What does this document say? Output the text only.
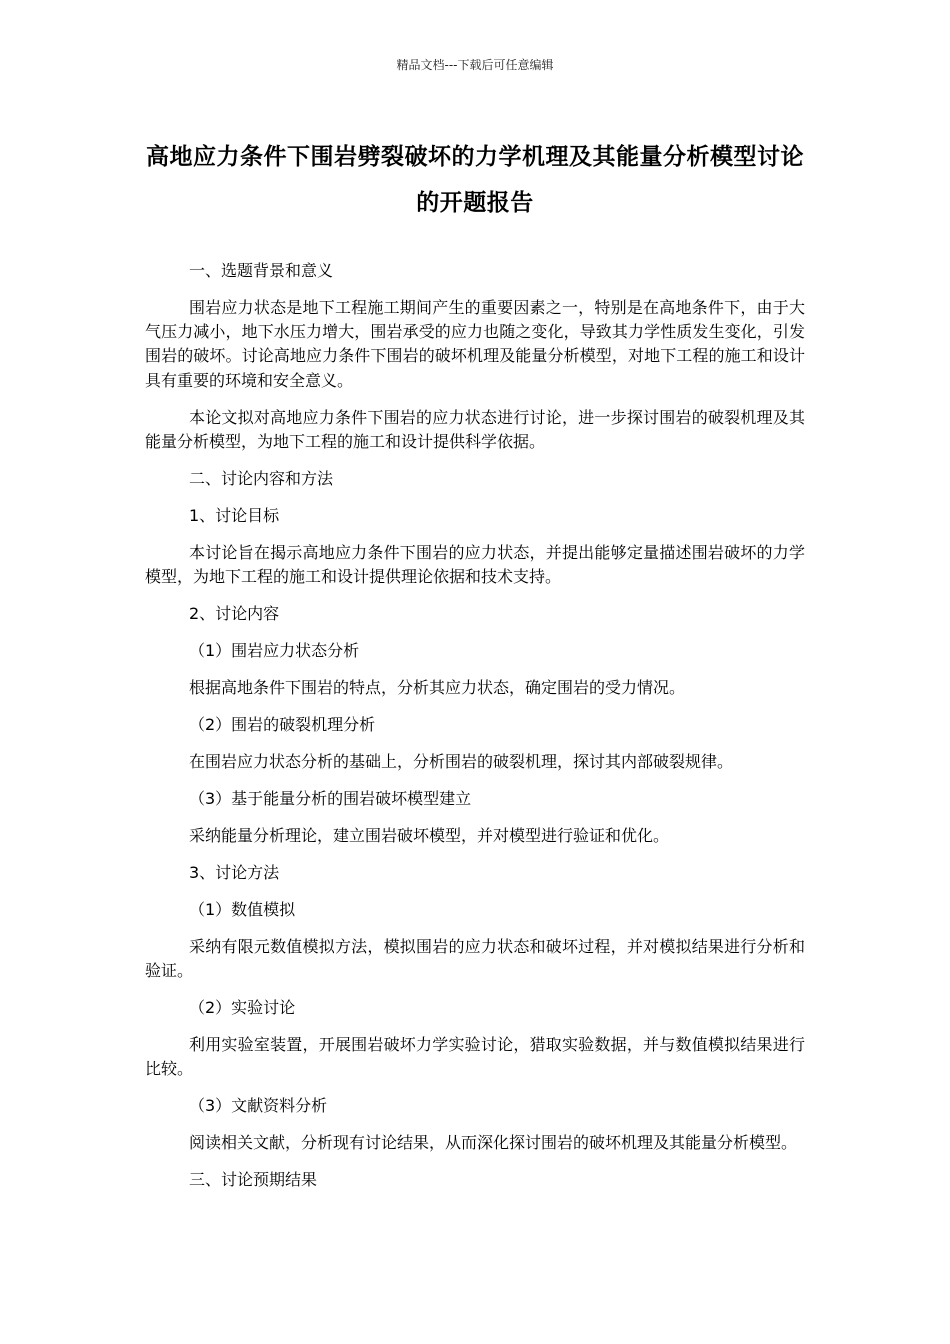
精品文档---下载后可任意编辑
高地应力条件下围岩劈裂破坏的力学机理及其能量分析模型讨论的开题报告

一、选题背景和意义

围岩应力状态是地下工程施工期间产生的重要因素之一，特别是在高地条件下，由于大气压力减小，地下水压力增大，围岩承受的应力也随之变化，导致其力学性质发生变化，引发围岩的破坏。讨论高地应力条件下围岩的破坏机理及能量分析模型，对地下工程的施工和设计具有重要的环境和安全意义。

本论文拟对高地应力条件下围岩的应力状态进行讨论，进一步探讨围岩的破裂机理及其能量分析模型，为地下工程的施工和设计提供科学依据。

二、讨论内容和方法

1、讨论目标

本讨论旨在揭示高地应力条件下围岩的应力状态，并提出能够定量描述围岩破坏的力学模型，为地下工程的施工和设计提供理论依据和技术支持。

2、讨论内容

（1）围岩应力状态分析

根据高地条件下围岩的特点，分析其应力状态，确定围岩的受力情况。

（2）围岩的破裂机理分析

在围岩应力状态分析的基础上，分析围岩的破裂机理，探讨其内部破裂规律。

（3）基于能量分析的围岩破坏模型建立

采纳能量分析理论，建立围岩破坏模型，并对模型进行验证和优化。

3、讨论方法

（1）数值模拟

采纳有限元数值模拟方法，模拟围岩的应力状态和破坏过程，并对模拟结果进行分析和验证。

（2）实验讨论

利用实验室装置，开展围岩破坏力学实验讨论，猎取实验数据，并与数值模拟结果进行比较。

（3）文献资料分析

阅读相关文献，分析现有讨论结果，从而深化探讨围岩的破坏机理及其能量分析模型。

三、讨论预期结果
